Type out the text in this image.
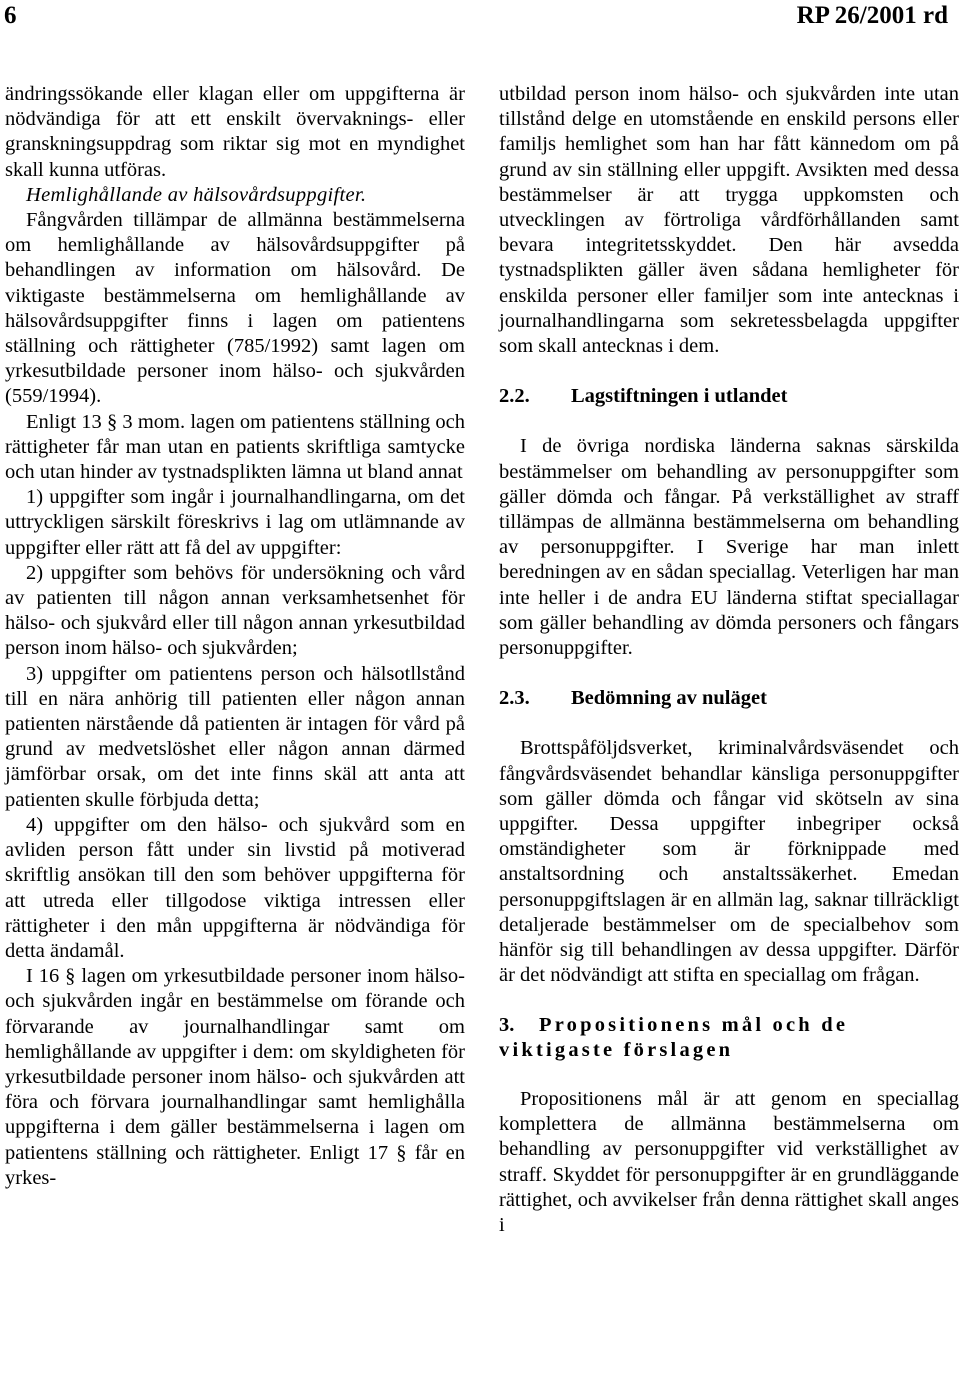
6	RP 26/2001 rd

ändringssökande eller klagan eller om uppgifterna är nödvändiga för att ett enskilt övervaknings- eller granskningsuppdrag som riktar sig mot en myndighet skall kunna utföras.

Hemlighållande av hälsovårdsuppgifter.

Fångvården tillämpar de allmänna bestämmelserna om hemlighållande av hälsovårdsuppgifter på behandlingen av information om hälsovård. De viktigaste bestämmelserna om hemlighållande av hälsovårdsuppgifter finns i lagen om patientens ställning och rättigheter (785/1992) samt lagen om yrkesutbildade personer inom hälso- och sjukvården (559/1994).

Enligt 13 § 3 mom. lagen om patientens ställning och rättigheter får man utan en patients skriftliga samtycke och utan hinder av tystnadsplikten lämna ut bland annat

1) uppgifter som ingår i journalhandlingarna, om det uttryckligen särskilt föreskrivs i lag om utlämnande av uppgifter eller rätt att få del av uppgifter:

2) uppgifter som behövs för undersökning och vård av patienten till någon annan verksamhetsenhet för hälso- och sjukvård eller till någon annan yrkesutbildad person inom hälso- och sjukvården;

3) uppgifter om patientens person och hälsotllstånd till en nära anhörig till patienten eller någon annan patienten närstående då patienten är intagen för vård på grund av medvetslöshet eller någon annan därmed jämförbar orsak, om det inte finns skäl att anta att patienten skulle förbjuda detta;

4) uppgifter om den hälso- och sjukvård som en avliden person fått under sin livstid på motiverad skriftlig ansökan till den som behöver uppgifterna för att utreda eller tillgodose viktiga intressen eller rättigheter i den mån uppgifterna är nödvändiga för detta ändamål.

I 16 § lagen om yrkesutbildade personer inom hälso- och sjukvården ingår en bestämmelse om förande och förvarande av journalhandlingar samt om hemlighållande av uppgifter i dem: om skyldigheten för yrkesutbildade personer inom hälso- och sjukvården att föra och förvara journalhandlingar samt hemlighålla uppgifterna i dem gäller bestämmelserna i lagen om patientens ställning och rättigheter. Enligt 17 § får en yrkes-

utbildad person inom hälso- och sjukvården inte utan tillstånd delge en utomstående en enskild persons eller familjs hemlighet som han har fått kännedom om på grund av sin ställning eller uppgift. Avsikten med dessa bestämmelser är att trygga uppkomsten och utvecklingen av förtroliga vårdförhållanden samt bevara integritetsskyddet. Den här avsedda tystnadsplikten gäller även sådana hemligheter för enskilda personer eller familjer som inte antecknas i journalhandlingarna som sekretessbelagda uppgifter som skall antecknas i dem.

2.2. Lagstiftningen i utlandet

I de övriga nordiska länderna saknas särskilda bestämmelser om behandling av personuppgifter som gäller dömda och fångar. På verkställighet av straff tillämpas de allmänna bestämmelserna om behandling av personuppgifter. I Sverige har man inlett beredningen av en sådan speciallag. Veterligen har man inte heller i de andra EU länderna stiftat speciallagar som gäller behandling av dömda personers och fångars personuppgifter.

2.3. Bedömning av nuläget

Brottspåföljdsverket, kriminalvårdsväsendet och fångvårdsväsendet behandlar känsliga personuppgifter som gäller dömda och fångar vid skötseln av sina uppgifter. Dessa uppgifter inbegriper också omständigheter som är förknippade med anstaltsordning och anstaltssäkerhet. Emedan personuppgiftslagen är en allmän lag, saknar tillräckligt detaljerade bestämmelser om de specialbehov som hänför sig till behandlingen av dessa uppgifter. Därför är det nödvändigt att stifta en speciallag om frågan.

3. Propositionens mål och de viktigaste förslagen

Propositionens mål är att genom en speciallag komplettera de allmänna bestämmelserna om behandling av personuppgifter vid verkställighet av straff. Skyddet för personuppgifter är en grundläggande rättighet, och avvikelser från denna rättighet skall anges i
